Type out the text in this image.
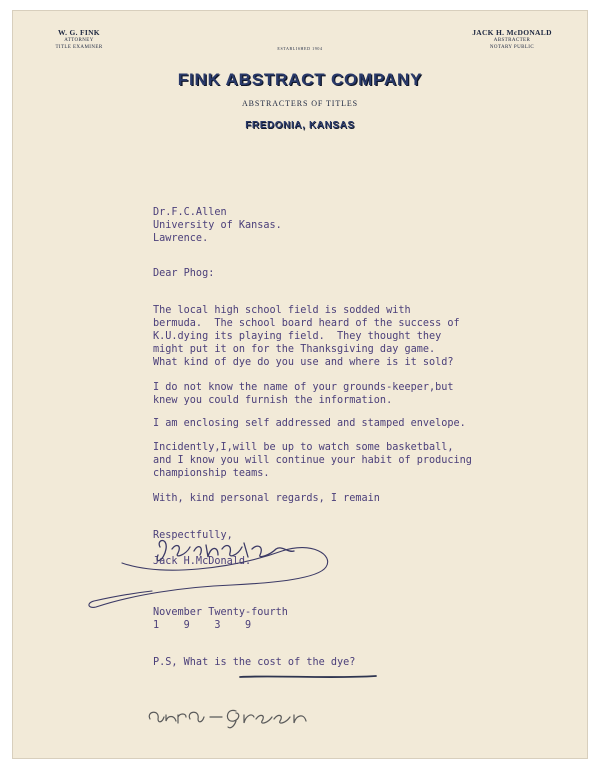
W. G. FINK
ATTORNEY
TITLE EXAMINER
JACK H. McDONALD
ABSTRACTER
NOTARY PUBLIC
ESTABLISHED 1904
FINK ABSTRACT COMPANY
ABSTRACTERS OF TITLES
FREDONIA, KANSAS
Dr.F.C.Allen
University of Kansas.
Lawrence.
Dear Phog:
The local high school field is sodded with
bermuda.  The school board heard of the success of
K.U.dying its playing field.  They thought they
might put it on for the Thanksgiving day game.
What kind of dye do you use and where is it sold?
I do not know the name of your grounds-keeper,but
knew you could furnish the information.
I am enclosing self addressed and stamped envelope.
Incidently,I,will be up to watch some basketball,
and I know you will continue your habit of producing
championship teams.
With, kind personal regards, I remain
Respectfully,
Jack H.McDonald.
November Twenty-fourth
1    9    3    9
P.S, What is the cost of the dye?
